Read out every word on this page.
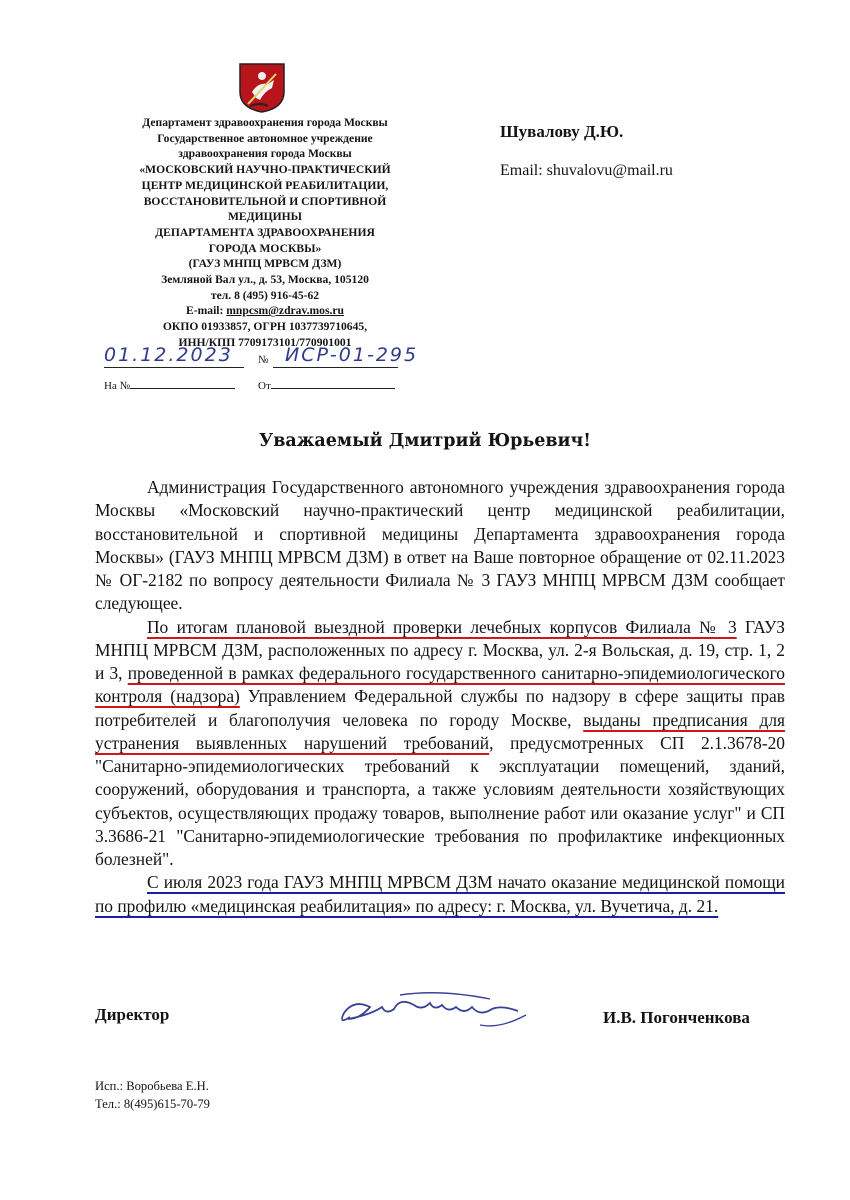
Департамент здравоохранения города Москвы
Государственное автономное учреждение
здравоохранения города Москвы
«МОСКОВСКИЙ НАУЧНО-ПРАКТИЧЕСКИЙ
ЦЕНТР МЕДИЦИНСКОЙ РЕАБИЛИТАЦИИ,
ВОССТАНОВИТЕЛЬНОЙ И СПОРТИВНОЙ
МЕДИЦИНЫ
ДЕПАРТАМЕНТА ЗДРАВООХРАНЕНИЯ
ГОРОДА МОСКВЫ»
(ГАУЗ МНПЦ МРВСМ ДЗМ)
Земляной Вал ул., д. 53, Москва, 105120
тел. 8 (495) 916-45-62
E-mail: mnpcsm@zdrav.mos.ru
ОКПО 01933857, ОГРН 1037739710645,
ИНН/КПП 7709173101/770901001
01.12.2023 № ИСР-01-295
На №	От
Шувалову Д.Ю.
Email: shuvalovu@mail.ru
Уважаемый Дмитрий Юрьевич!

Администрация Государственного автономного учреждения здравоохранения города Москвы «Московский научно-практический центр медицинской реабилитации, восстановительной и спортивной медицины Департамента здравоохранения города Москвы» (ГАУЗ МНПЦ МРВСМ ДЗМ) в ответ на Ваше повторное обращение от 02.11.2023 № ОГ-2182 по вопросу деятельности Филиала № 3 ГАУЗ МНПЦ МРВСМ ДЗМ сообщает следующее.

По итогам плановой выездной проверки лечебных корпусов Филиала № 3 ГАУЗ МНПЦ МРВСМ ДЗМ, расположенных по адресу г. Москва, ул. 2-я Вольская, д. 19, стр. 1, 2 и 3, проведенной в рамках федерального государственного санитарно-эпидемиологического контроля (надзора) Управлением Федеральной службы по надзору в сфере защиты прав потребителей и благополучия человека по городу Москве, выданы предписания для устранения выявленных нарушений требований, предусмотренных СП 2.1.3678-20 "Санитарно-эпидемиологических требований к эксплуатации помещений, зданий, сооружений, оборудования и транспорта, а также условиям деятельности хозяйствующих субъектов, осуществляющих продажу товаров, выполнение работ или оказание услуг" и СП 3.3686-21 "Санитарно-эпидемиологические требования по профилактике инфекционных болезней".

С июля 2023 года ГАУЗ МНПЦ МРВСМ ДЗМ начато оказание медицинской помощи по профилю «медицинская реабилитация» по адресу: г. Москва, ул. Вучетича, д. 21.

Директор	И.В. Погонченкова
Исп.: Воробьева Е.Н.
Тел.: 8(495)615-70-79
